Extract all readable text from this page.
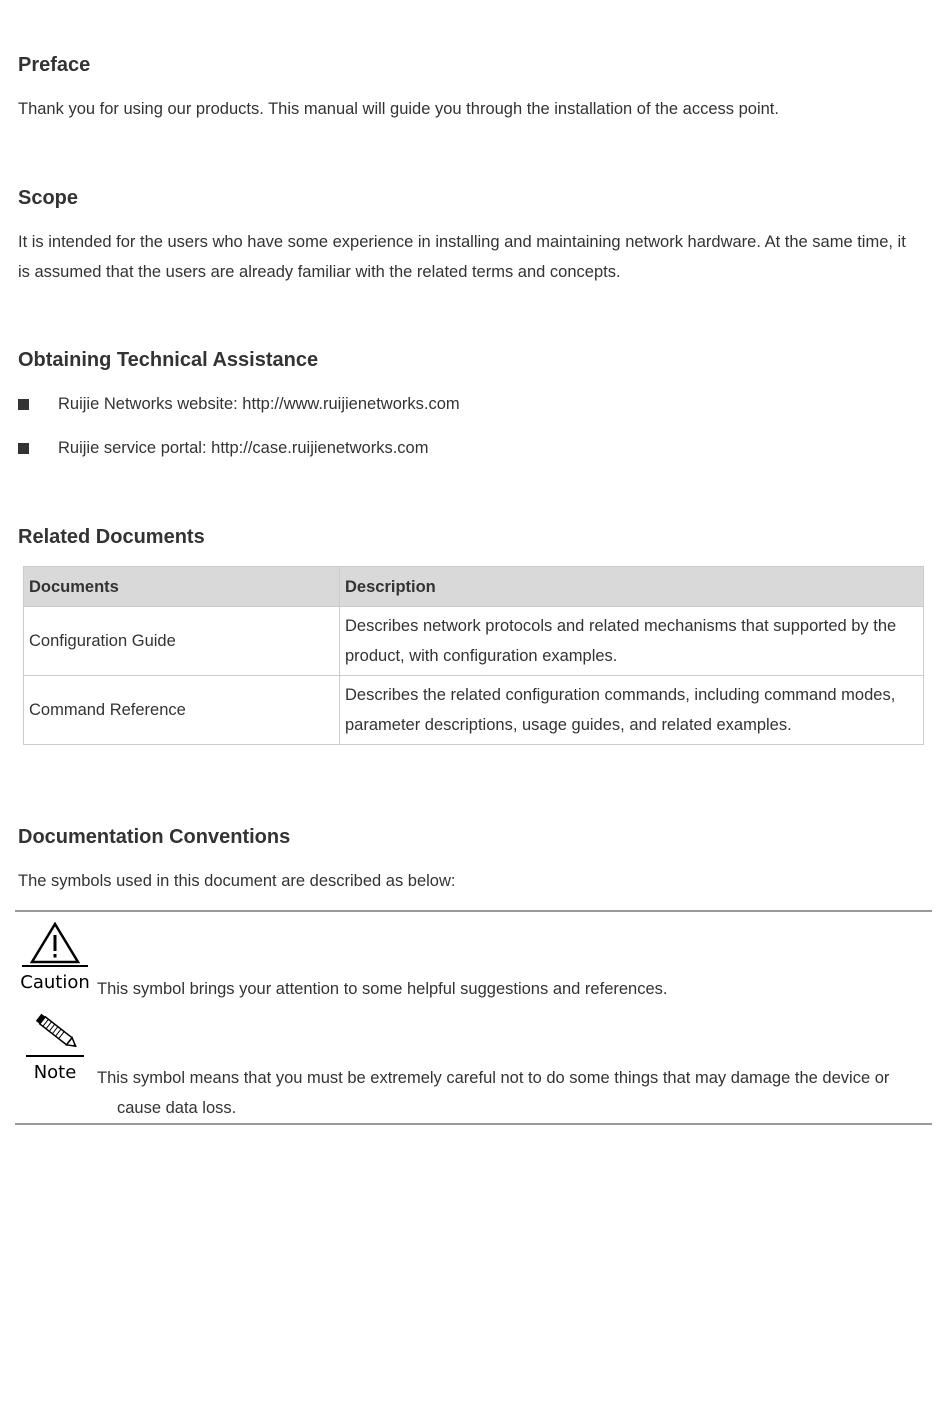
Preface

Thank you for using our products. This manual will guide you through the installation of the access point.

Scope

It is intended for the users who have some experience in installing and maintaining network hardware. At the same time, it
is assumed that the users are already familiar with the related terms and concepts.

Obtaining Technical Assistance
Ruijie Networks website: http://www.ruijienetworks.com
Ruijie service portal: http://case.ruijienetworks.com
Related Documents
Documents	Description
Configuration Guide	Describes network protocols and related mechanisms that supported by the
product, with configuration examples.
Command Reference	Describes the related configuration commands, including command modes,
parameter descriptions, usage guides, and related examples.
Documentation Conventions

The symbols used in this document are described as below:

Caution This symbol brings your attention to some helpful suggestions and references.
Note	This symbol means that you must be extremely careful not to do some things that may damage the device or
cause data loss.
